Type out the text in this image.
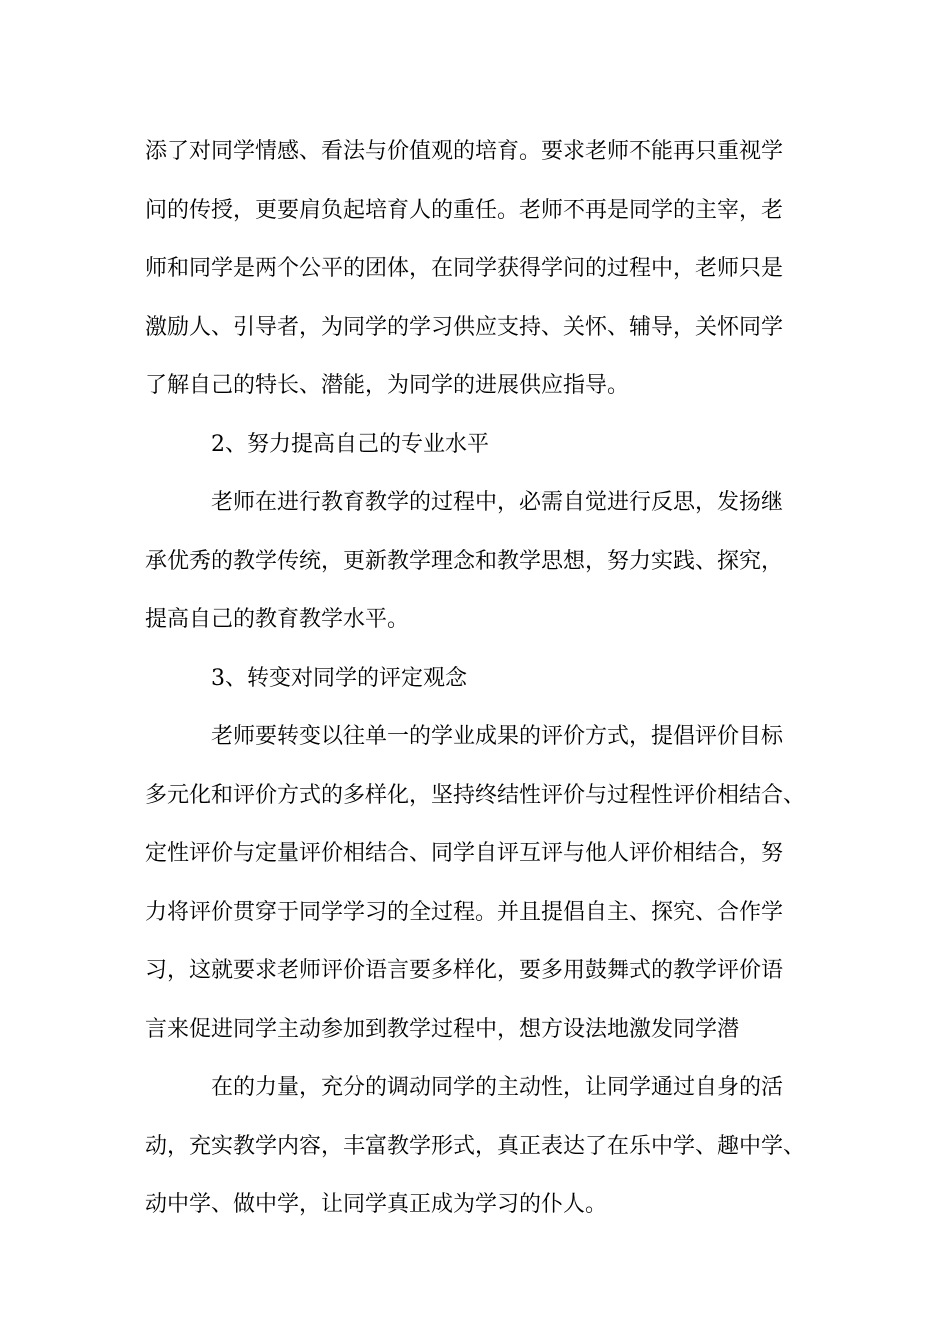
添了对同学情感、看法与价值观的培育。要求老师不能再只重视学
问的传授，更要肩负起培育人的重任。老师不再是同学的主宰，老
师和同学是两个公平的团体，在同学获得学问的过程中，老师只是
激励人、引导者，为同学的学习供应支持、关怀、辅导，关怀同学
了解自己的特长、潜能，为同学的进展供应指导。
2、努力提高自己的专业水平
老师在进行教育教学的过程中，必需自觉进行反思，发扬继
承优秀的教学传统，更新教学理念和教学思想，努力实践、探究，
提高自己的教育教学水平。
3、转变对同学的评定观念
老师要转变以往单一的学业成果的评价方式，提倡评价目标
多元化和评价方式的多样化，坚持终结性评价与过程性评价相结合、
定性评价与定量评价相结合、同学自评互评与他人评价相结合，努
力将评价贯穿于同学学习的全过程。并且提倡自主、探究、合作学
习，这就要求老师评价语言要多样化，要多用鼓舞式的教学评价语
言来促进同学主动参加到教学过程中，想方设法地激发同学潜
在的力量，充分的调动同学的主动性，让同学通过自身的活
动，充实教学内容，丰富教学形式，真正表达了在乐中学、趣中学、
动中学、做中学，让同学真正成为学习的仆人。
